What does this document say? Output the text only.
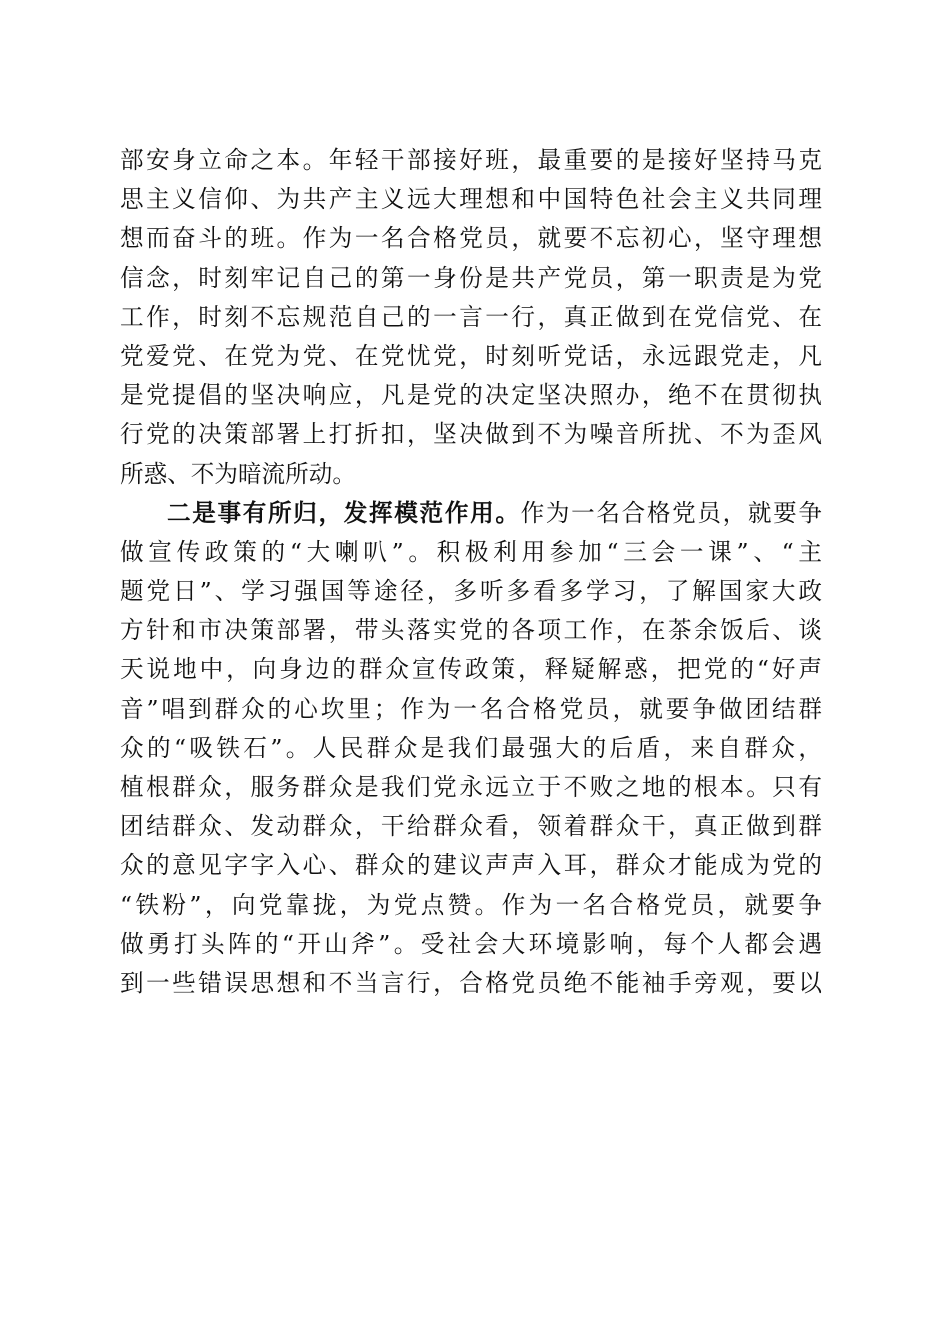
部安身立命之本。年轻干部接好班，最重要的是接好坚持马克
思主义信仰、为共产主义远大理想和中国特色社会主义共同理
想而奋斗的班。作为一名合格党员，就要不忘初心，坚守理想
信念，时刻牢记自己的第一身份是共产党员，第一职责是为党
工作，时刻不忘规范自己的一言一行，真正做到在党信党、在
党爱党、在党为党、在党忧党，时刻听党话，永远跟党走，凡
是党提倡的坚决响应，凡是党的决定坚决照办，绝不在贯彻执
行党的决策部署上打折扣，坚决做到不为噪音所扰、不为歪风
所惑、不为暗流所动。
二是事有所归，发挥模范作用。作为一名合格党员，就要争
做宣传政策的“大喇叭”。积极利用参加“三会一课”、“主
题党日”、学习强国等途径，多听多看多学习，了解国家大政
方针和市决策部署，带头落实党的各项工作，在茶余饭后、谈
天说地中，向身边的群众宣传政策，释疑解惑，把党的“好声
音”唱到群众的心坎里；作为一名合格党员，就要争做团结群
众的“吸铁石”。人民群众是我们最强大的后盾，来自群众，
植根群众，服务群众是我们党永远立于不败之地的根本。只有
团结群众、发动群众，干给群众看，领着群众干，真正做到群
众的意见字字入心、群众的建议声声入耳，群众才能成为党的
“铁粉”，向党靠拢，为党点赞。作为一名合格党员，就要争
做勇打头阵的“开山斧”。受社会大环境影响，每个人都会遇
到一些错误思想和不当言行，合格党员绝不能袖手旁观，要以
